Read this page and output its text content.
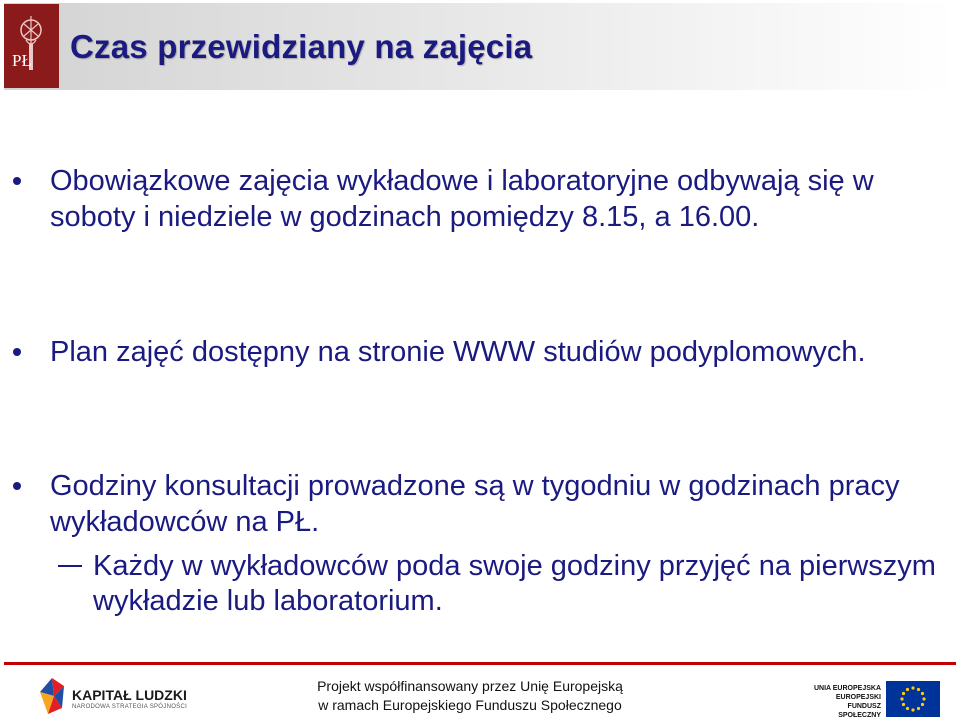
PŁ Czas przewidziany na zajęcia
Obowiązkowe zajęcia wykładowe i laboratoryjne odbywają się w soboty i niedziele w godzinach pomiędzy 8.15, a 16.00.
Plan zajęć dostępny na stronie WWW studiów podyplomowych.
Godziny konsultacji prowadzone są w tygodniu w godzinach pracy wykładowców na PŁ.
Każdy w wykładowców poda swoje godziny przyjęć na pierwszym wykładzie lub laboratorium.
KAPITAŁ LUDZKI
NARODOWA STRATEGIA SPÓJNOŚCI
Projekt współfinansowany przez Unię Europejską
w ramach Europejskiego Funduszu Społecznego
UNIA EUROPEJSKA
EUROPEJSKI
FUNDUSZ SPOŁECZNY
